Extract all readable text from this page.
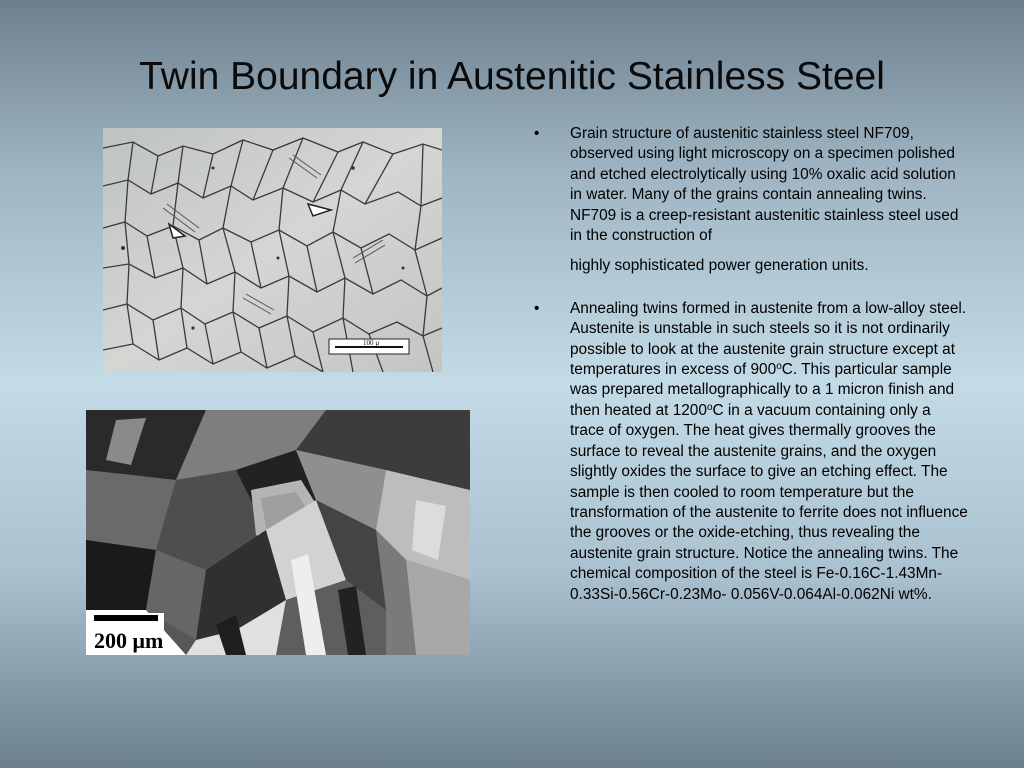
Twin Boundary in Austenitic Stainless Steel
100 µ
200 μm
• Grain structure of austenitic stainless steel NF709, observed using light microscopy on a specimen polished and etched electrolytically using 10% oxalic acid solution in water. Many of the grains contain annealing twins. NF709 is a creep-resistant austenitic stainless steel used in the construction of
highly sophisticated power generation units.
• Annealing twins formed in austenite from a low-alloy steel. Austenite is unstable in such steels so it is not ordinarily possible to look at the austenite grain structure except at temperatures in excess of 900$^o$C. This particular sample was prepared metallographically to a 1 micron finish and then heated at 1200$^o$C in a vacuum containing only a trace of oxygen. The heat gives thermally grooves the surface to reveal the austenite grains, and the oxygen slightly oxides the surface to give an etching effect. The sample is then cooled to room temperature but the transformation of the austenite to ferrite does not influence the grooves or the oxide-etching, thus revealing the austenite grain structure. Notice the annealing twins. The chemical composition of the steel is Fe-0.16C-1.43Mn-0.33Si-0.56Cr-0.23Mo- 0.056V-0.064Al-0.062Ni wt%.
